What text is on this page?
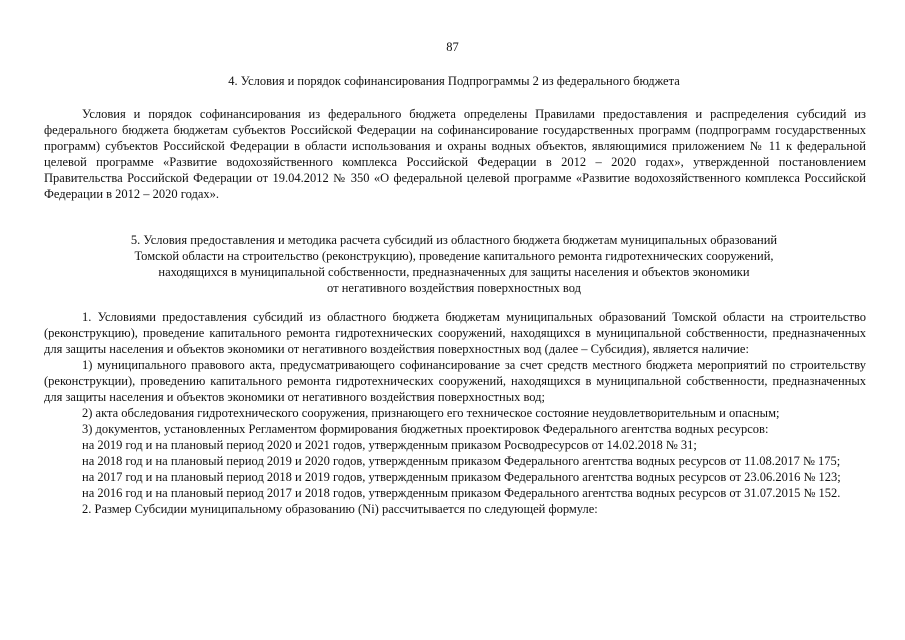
87
4. Условия и порядок софинансирования Подпрограммы 2 из федерального бюджета

Условия и порядок софинансирования из федерального бюджета определены Правилами предоставления и распределения субсидий из федерального бюджета бюджетам субъектов Российской Федерации на софинансирование государственных программ (подпрограмм государственных программ) субъектов Российской Федерации в области использования и охраны водных объектов, являющимися приложением № 11 к федеральной целевой программе «Развитие водохозяйственного комплекса Российской Федерации в 2012 – 2020 годах», утвержденной постановлением Правительства Российской Федерации от 19.04.2012 № 350 «О федеральной целевой программе «Развитие водохозяйственного комплекса Российской Федерации в 2012 – 2020 годах».

5. Условия предоставления и методика расчета субсидий из областного бюджета бюджетам муниципальных образований
Томской области на строительство (реконструкцию), проведение капитального ремонта гидротехнических сооружений,
находящихся в муниципальной собственности, предназначенных для защиты населения и объектов экономики
от негативного воздействия поверхностных вод

1. Условиями предоставления субсидий из областного бюджета бюджетам муниципальных образований Томской области на строительство (реконструкцию), проведение капитального ремонта гидротехнических сооружений, находящихся в муниципальной собственности, предназначенных для защиты населения и объектов экономики от негативного воздействия поверхностных вод (далее – Субсидия), является наличие:

1) муниципального правового акта, предусматривающего софинансирование за счет средств местного бюджета мероприятий по строительству (реконструкции), проведению капитального ремонта гидротехнических сооружений, находящихся в муниципальной собственности, предназначенных для защиты населения и объектов экономики от негативного воздействия поверхностных вод;

2) акта обследования гидротехнического сооружения, признающего его техническое состояние неудовлетворительным и опасным;

3) документов, установленных Регламентом формирования бюджетных проектировок Федерального агентства водных ресурсов:

на 2019 год и на плановый период 2020 и 2021 годов, утвержденным приказом Росводресурсов от 14.02.2018 № 31;

на 2018 год и на плановый период 2019 и 2020 годов, утвержденным приказом Федерального агентства водных ресурсов от 11.08.2017 № 175;

на 2017 год и на плановый период 2018 и 2019 годов, утвержденным приказом Федерального агентства водных ресурсов от 23.06.2016 № 123;

на 2016 год и на плановый период 2017 и 2018 годов, утвержденным приказом Федерального агентства водных ресурсов от 31.07.2015 № 152.

2. Размер Субсидии муниципальному образованию (Ni) рассчитывается по следующей формуле:
